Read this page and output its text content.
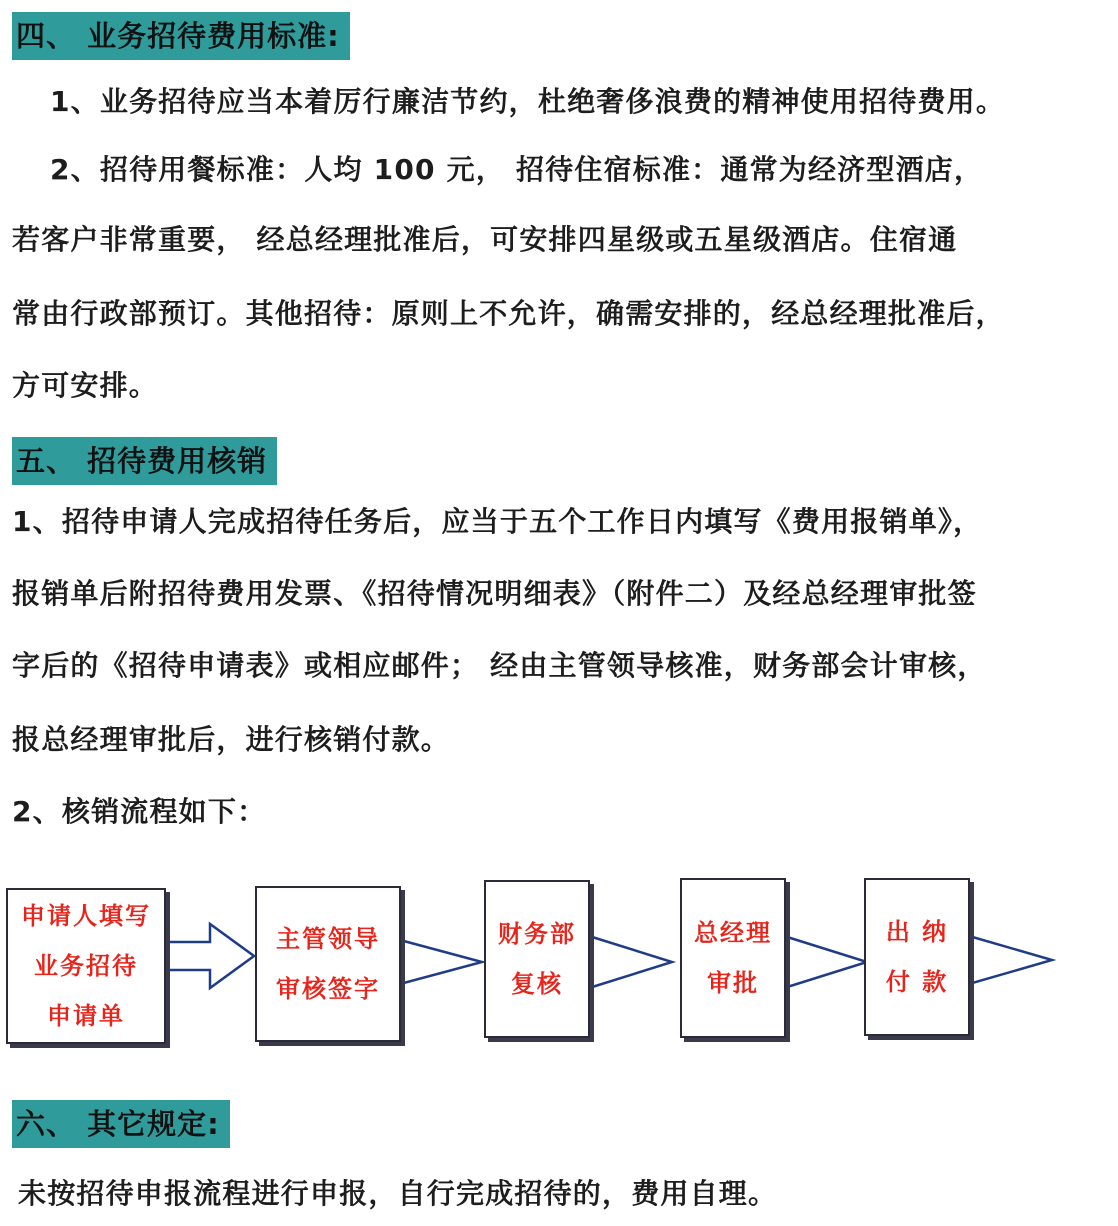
四、 业务招待费用标准:
1、业务招待应当本着厉行廉洁节约，杜绝奢侈浪费的精神使用招待费用。
2、招待用餐标准：人均 100 元， 招待住宿标准：通常为经济型酒店，
若客户非常重要， 经总经理批准后，可安排四星级或五星级酒店。住宿通
常由行政部预订。其他招待：原则上不允许，确需安排的，经总经理批准后，
方可安排。
五、 招待费用核销
1、招待申请人完成招待任务后，应当于五个工作日内填写《费用报销单》，
报销单后附招待费用发票、《招待情况明细表》（附件二）及经总经理审批签
字后的《招待申请表》或相应邮件； 经由主管领导核准，财务部会计审核，
报总经理审批后，进行核销付款。
2、核销流程如下：
申请人填写
业务招待
申请单
主管领导
审核签字
财务部
复核
总经理
审批
出 纳
付 款
六、 其它规定:
未按招待申报流程进行申报，自行完成招待的，费用自理。
